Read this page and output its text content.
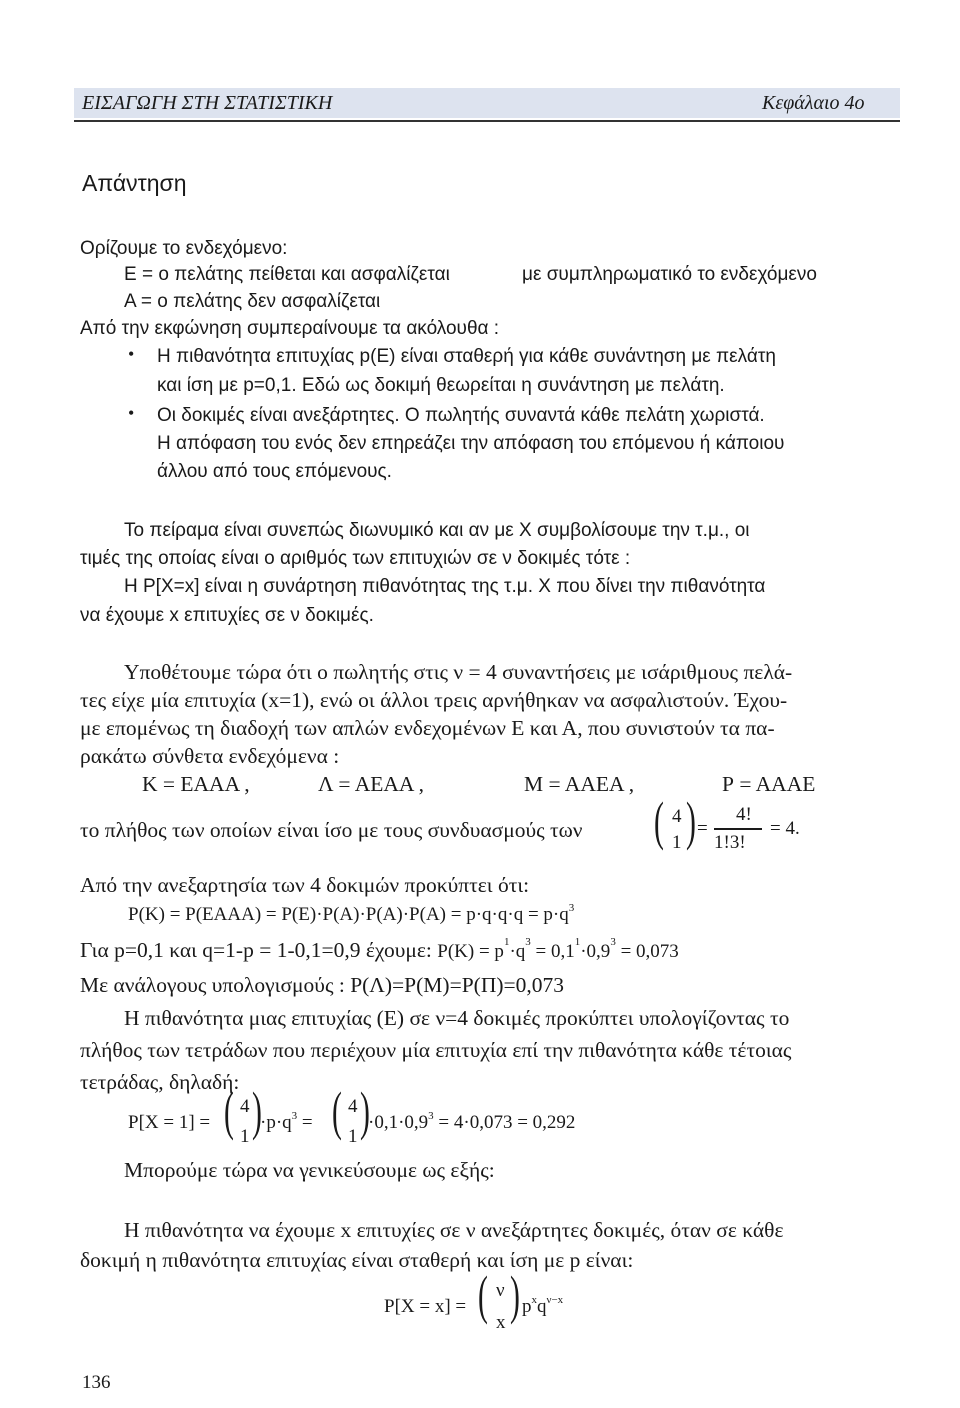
ΕΙΣΑΓΩΓΗ ΣΤΗ ΣΤΑΤΙΣΤΙΚΗ	Κεφάλαιο 4ο
Απάντηση
Ορίζουμε το ενδεχόμενο:
Ε = ο πελάτης πείθεται και ασφαλίζεται	με συμπληρωματικό το ενδεχόμενο
Α = ο πελάτης δεν ασφαλίζεται
Από την εκφώνηση συμπεραίνουμε τα ακόλουθα :
• Η πιθανότητα επιτυχίας p(E) είναι σταθερή για κάθε συνάντηση με πελάτη
και ίση με p=0,1. Εδώ ως δοκιμή θεωρείται η συνάντηση με πελάτη.
• Οι δοκιμές είναι ανεξάρτητες. Ο πωλητής συναντά κάθε πελάτη χωριστά.
Η απόφαση του ενός δεν επηρεάζει την απόφαση του επόμενου ή κάποιου
άλλου από τους επόμενους.
Το πείραμα είναι συνεπώς διωνυμικό και αν με Χ συμβολίσουμε την τ.μ., οι
τιμές της οποίας είναι ο αριθμός των επιτυχιών σε ν δοκιμές τότε :
Η P[X=x] είναι η συνάρτηση πιθανότητας της τ.μ. Χ που δίνει την πιθανότητα
να έχουμε x επιτυχίες σε ν δοκιμές.
Υποθέτουμε τώρα ότι ο πωλητής στις ν = 4 συναντήσεις με ισάριθμους πελά-
τες είχε μία επιτυχία (x=1), ενώ οι άλλοι τρεις αρνήθηκαν να ασφαλιστούν. Έχου-
με επομένως τη διαδοχή των απλών ενδεχομένων Ε και Α, που συνιστούν τα πα-
ρακάτω σύνθετα ενδεχόμενα :
Κ = ΕΑΑΑ ,	Λ = ΑΕΑΑ ,	Μ = ΑΑΕΑ ,	Ρ = ΑΑΑΕ
το πλήθος των οποίων είναι ίσο με τους συνδυασμούς των ( 4
1 ) =
4!
1!3!
= 4.
Από την ανεξαρτησία των 4 δοκιμών προκύπτει ότι:
P(K) = P(EAAA) = $P(E)\cdot P(A)\cdot P(A)\cdot P(A) = p\cdot q\cdot q\cdot q = p\cdot q^3$
Για p=0,1 και q=1-p = 1-0,1=0,9 έχουμε: $P(K) = p^1\cdot q^3 = 0,1^1\cdot 0,9^3 = 0,073$
Με ανάλογους υπολογισμούς : Ρ(Λ)=Ρ(Μ)=Ρ(Π)=0,073
Η πιθανότητα μιας επιτυχίας (Ε) σε ν=4 δοκιμές προκύπτει υπολογίζοντας το
πλήθος των τετράδων που περιέχουν μία επιτυχία επί την πιθανότητα κάθε τέτοιας
τετράδας, δηλαδή:
P[X = 1] = ( 4
1 )
$\cdot p\cdot q^3$ = ( 4
1 )
$\cdot 0,1\cdot 0,9^3 = 4\cdot 0,073 = 0,292$
Μπορούμε τώρα να γενικεύσουμε ως εξής:
Η πιθανότητα να έχουμε x επιτυχίες σε ν ανεξάρτητες δοκιμές, όταν σε κάθε
δοκιμή η πιθανότητα επιτυχίας είναι σταθερή και ίση με p είναι:
P[X = x] = ( ν
x ) $p^xq^{\nu-x}$
136
